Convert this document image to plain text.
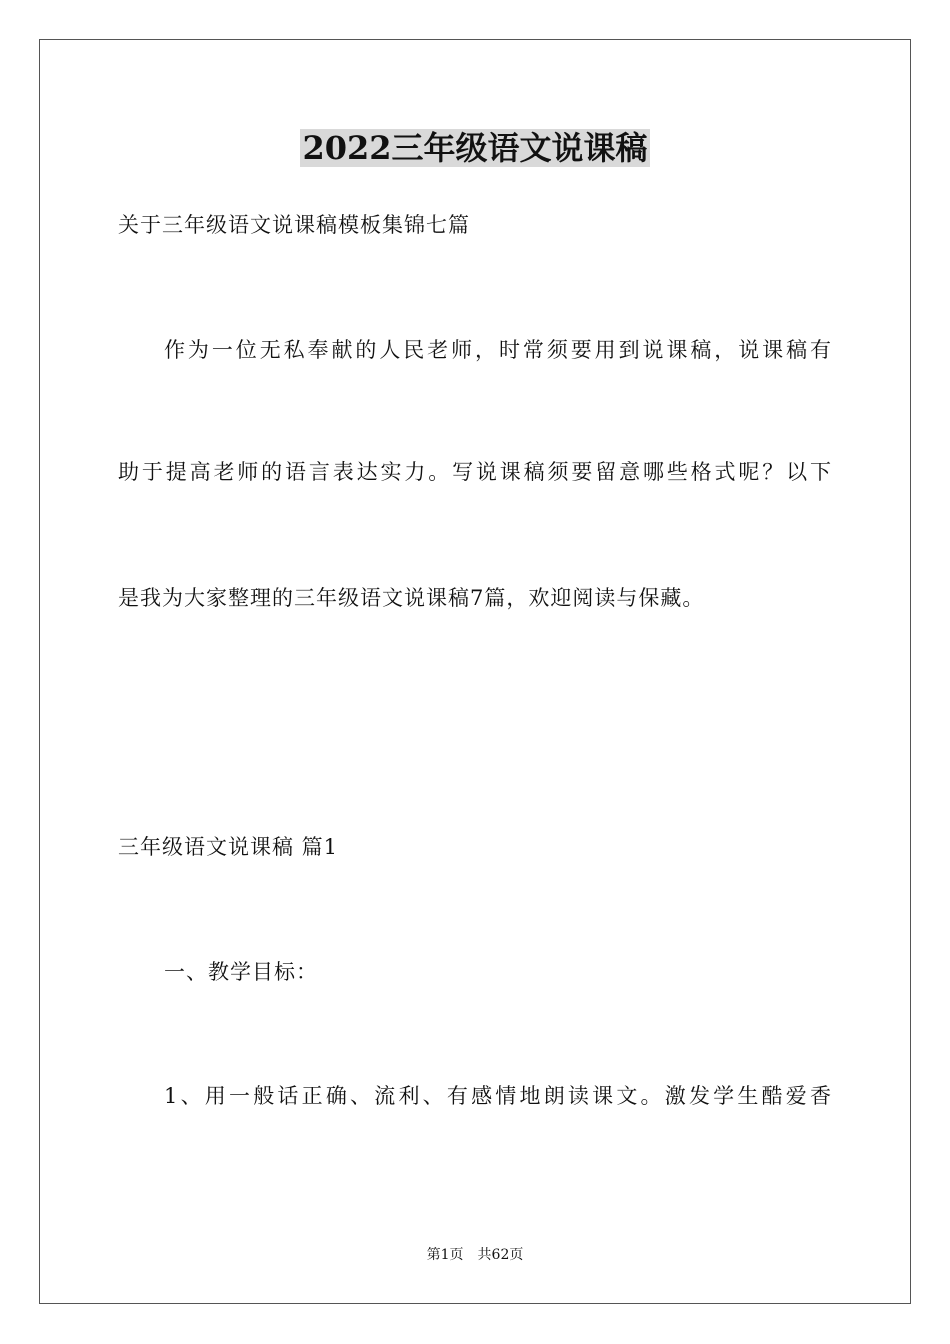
2022三年级语文说课稿
关于三年级语文说课稿模板集锦七篇
作为一位无私奉献的人民老师，时常须要用到说课稿，说课稿有
助于提高老师的语言表达实力。写说课稿须要留意哪些格式呢？以下
是我为大家整理的三年级语文说课稿7篇，欢迎阅读与保藏。
三年级语文说课稿 篇1
一、教学目标：
1、用一般话正确、流利、有感情地朗读课文。激发学生酷爱香
第1页 共62页
